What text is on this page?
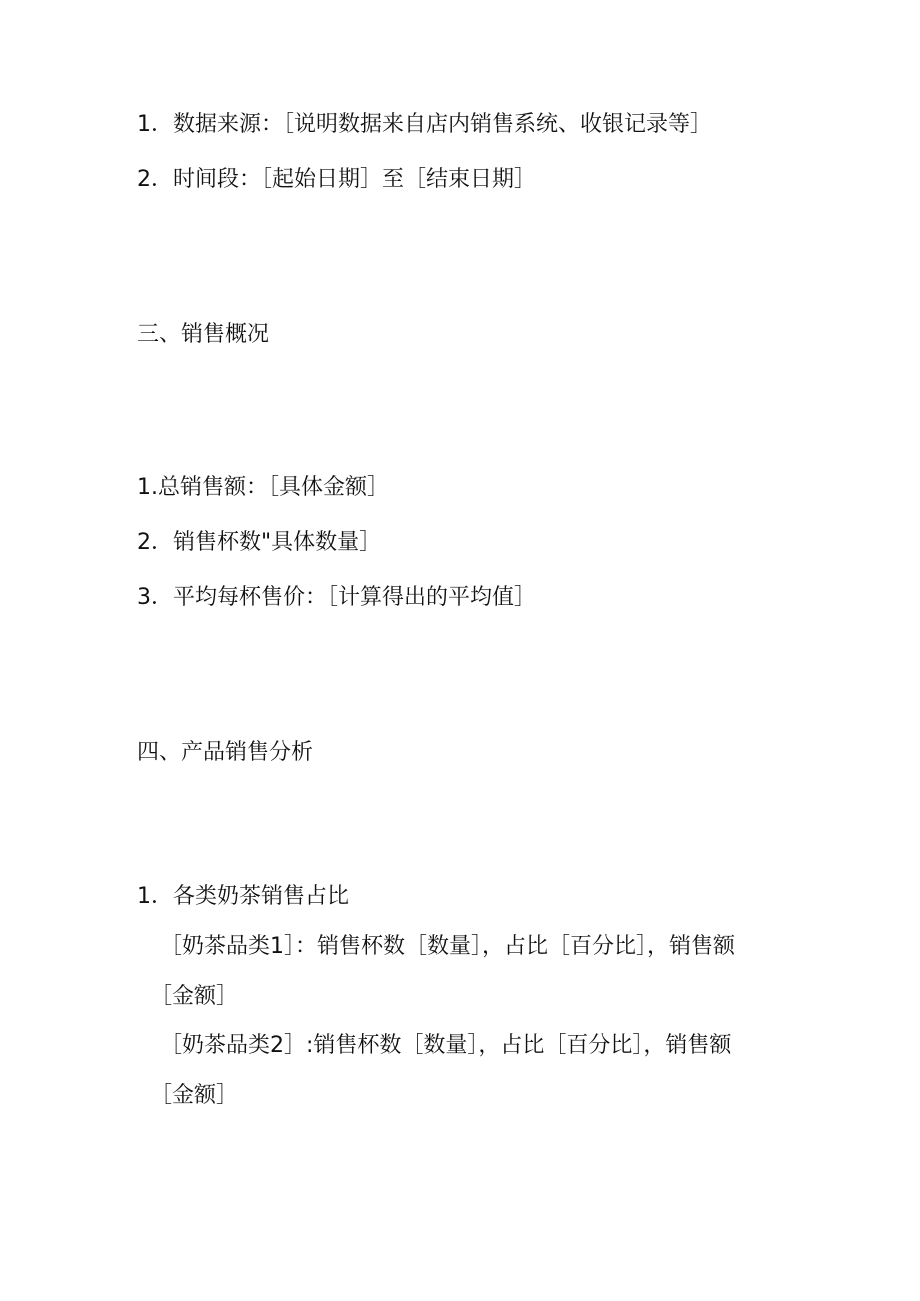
1．数据来源：［说明数据来自店内销售系统、收银记录等］
2．时间段：［起始日期］至［结束日期］
三、销售概况
1.总销售额：［具体金额］
2．销售杯数"具体数量］
3．平均每杯售价：［计算得出的平均值］
四、产品销售分析
1．各类奶茶销售占比
［奶茶品类1］：销售杯数［数量］，占比［百分比］，销售额
［金额］
［奶茶品类2］:销售杯数［数量］，占比［百分比］，销售额
［金额］
